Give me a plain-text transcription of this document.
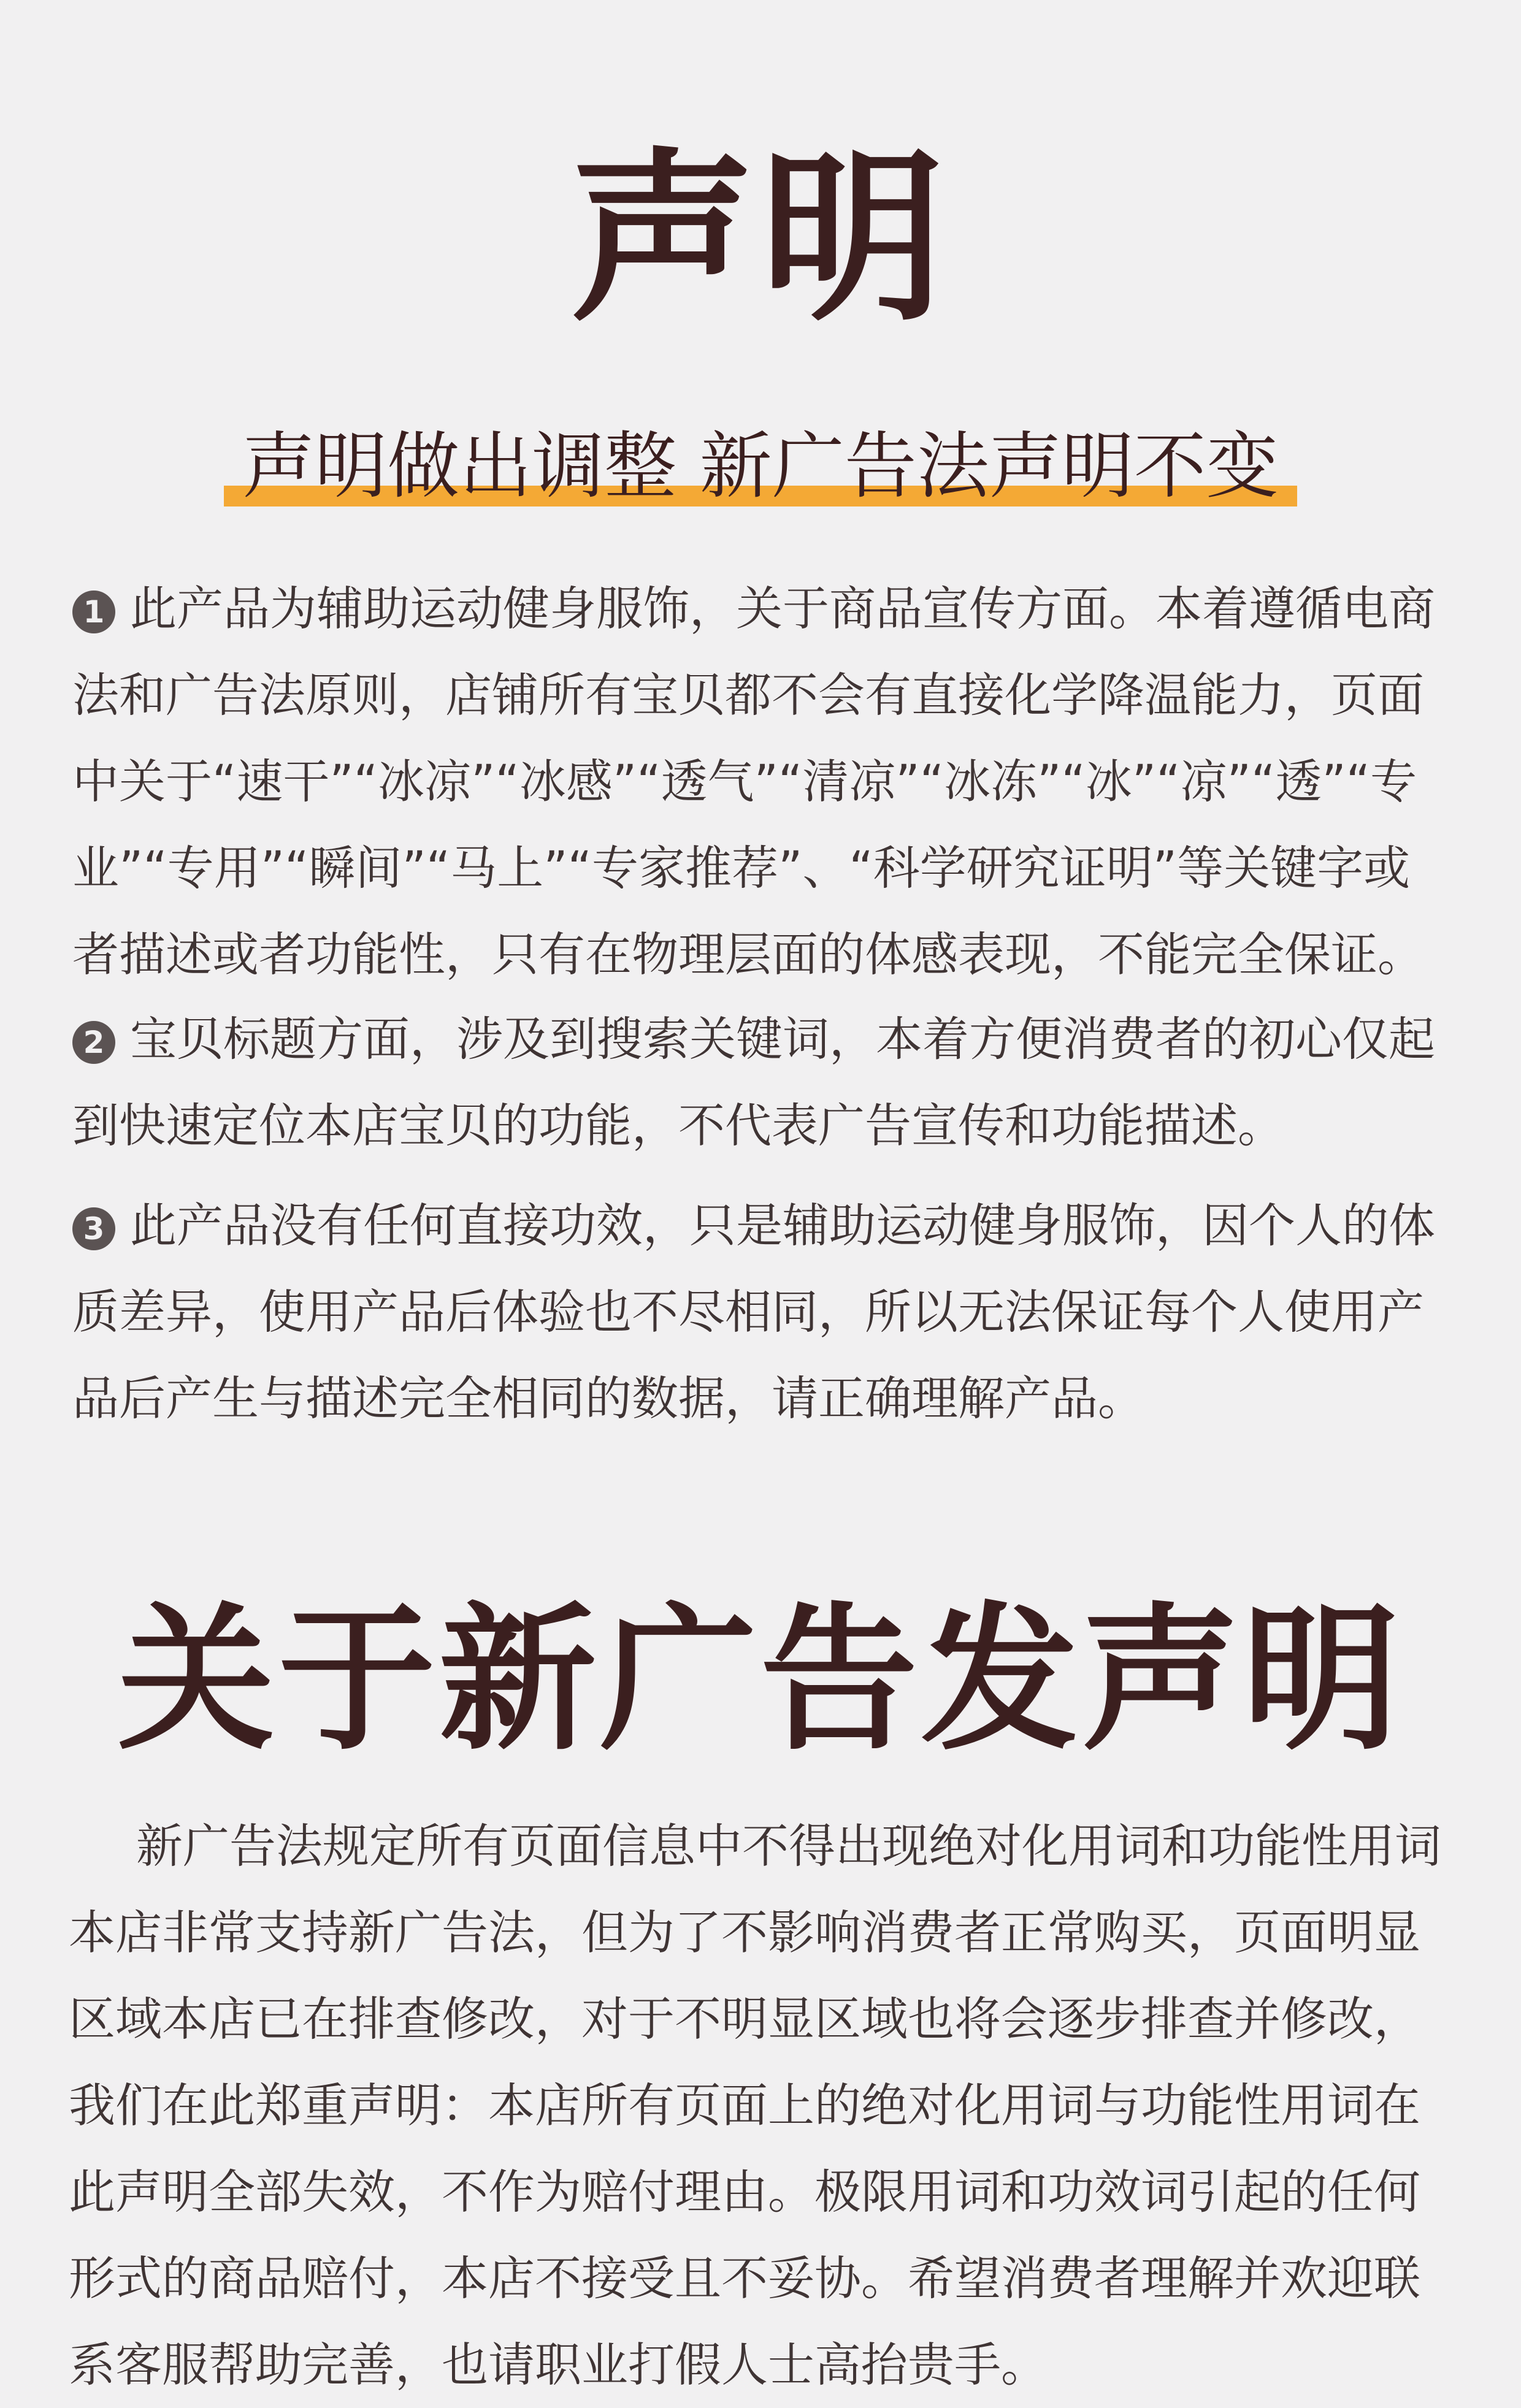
声明
声明做出调整 新广告法声明不变

1 此产品为辅助运动健身服饰，关于商品宣传方面。本着遵循电商法和广告法原则，店铺所有宝贝都不会有直接化学降温能力，页面中关于“速干”“冰凉”“冰感”“透气”“清凉”“冰冻”“冰”“凉”“透”“专业”“专用”“瞬间”“马上”“专家推荐”、“科学研究证明”等关键字或者描述或者功能性，只有在物理层面的体感表现，不能完全保证。

2 宝贝标题方面，涉及到搜索关键词，本着方便消费者的初心仅起到快速定位本店宝贝的功能，不代表广告宣传和功能描述。

3 此产品没有任何直接功效，只是辅助运动健身服饰，因个人的体质差异，使用产品后体验也不尽相同，所以无法保证每个人使用产品后产生与描述完全相同的数据，请正确理解产品。

关于新广告发声明

新广告法规定所有页面信息中不得出现绝对化用词和功能性用词本店非常支持新广告法，但为了不影响消费者正常购买，页面明显区域本店已在排查修改，对于不明显区域也将会逐步排查并修改，我们在此郑重声明：本店所有页面上的绝对化用词与功能性用词在此声明全部失效，不作为赔付理由。极限用词和功效词引起的任何形式的商品赔付，本店不接受且不妥协。希望消费者理解并欢迎联系客服帮助完善，也请职业打假人士高抬贵手。
